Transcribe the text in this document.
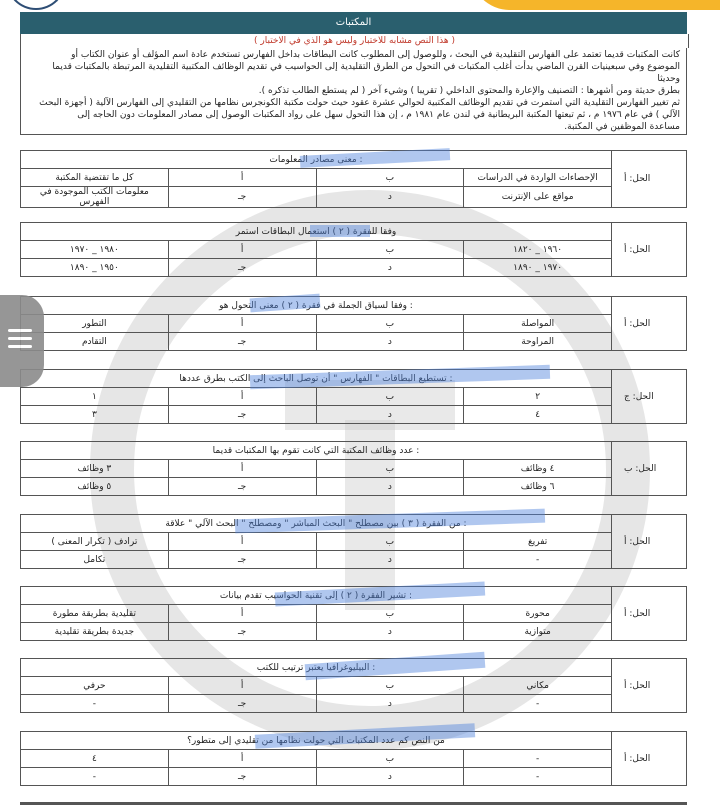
المكتبات
( هذا النص مشابه للاختبار وليس هو الذي في الاختبار )

كانت المكتبات قديما تعتمد على الفهارس التقليدية في البحث ، وللوصول إلى المطلوب كانت البطاقات بداخل الفهارس تستخدم عادة اسم المؤلف أو عنوان الكتاب أو

الموضوع وفي سبعينيات القرن الماضي بدأت أغلب المكتبات في التحول من الطرق التقليدية إلى الحواسيب في تقديم الوظائف المكتبية التقليدية المرتبطة بالمكتبات قديما وحديثا

بطرق حديثة ومن أشهرها : التصنيف والإعارة والمحتوى الداخلي ( تقريبا ) وشيء آخر ( لم يستطع الطالب تذكره ).

ثم تغيير الفهارس التقليدية التي استمرت في تقديم الوظائف المكتبية لحوالي عشرة عقود حيث حولت مكتبة الكونجرس نظامها من التقليدي إلى الفهارس الآلية ( أجهزة البحث

الآلي ) في عام ١٩٧٦ م ، ثم تبعتها المكتبة البريطانية في لندن عام ١٩٨١ م ، إن هذا التحول سهل على رواد المكتبات الوصول إلى مصادر المعلومات دون الحاجه إلى

مساعدة الموظفين في المكتبة.

معنى مصادر المعلومات :				الحل: أ
كل ما تقتضية المكتبة	أ	ب	الإحصاءات الواردة في الدراسات	
معلومات الكتب الموجودة في الفهرس	جـ	د	مواقع على الإنترنت	
وفقا للفقرة ( ٢ ) استعمال البطاقات استمر				الحل: أ
١٩٨٠ _ ١٩٧٠	أ	ب	١٩٦٠ _ ١٨٢٠	
١٩٥٠ _ ١٨٩٠	جـ	د	١٩٧٠ _ ١٨٩٠	
وفقا لسياق الجملة في فقرة ( ٢ ) معنى التحول هو :				الحل: أ
التطور	أ	ب	المواصلة	
التقادم	جـ	د	المراوحة	
تستطيع البطاقات " الفهارس " أن توصل الباحث إلى الكتب بطرق عددها :				الحل: ج
١	أ	ب	٢	
٣	جـ	د	٤	
عدد وظائف المكتبة التي كانت تقوم بها المكتبات قديما :				الحل: ب
٣ وظائف	أ	ب	٤ وظائف	
٥ وظائف	جـ	د	٦ وظائف	
من الفقرة ( ٣ ) بين مصطلح " البحث المباشر " ومصطلح " البحث الآلي " علاقة :				الحل: أ
ترادف ( تكرار المعنى )	أ	ب	تفريغ	
تكامل	جـ	د	-	
تشير الفقرة ( ٢ ) إلى تقنية الحواسيب تقدم بيانات :				الحل: أ
تقليدية بطريقة مطورة	أ	ب	محورة	
جديدة بطريقة تقليدية	جـ	د	متوازية	
البيليوغرافيا يعتبر ترتيب للكتب :				الحل: أ
حرفي	أ	ب	مكاني	
-	جـ	د	-	
من النص كم عدد المكتبات التي حولت نظامها من تقليدي إلى متطور؟				الحل: أ
٤	أ	ب	-	
-	جـ	د	-	
